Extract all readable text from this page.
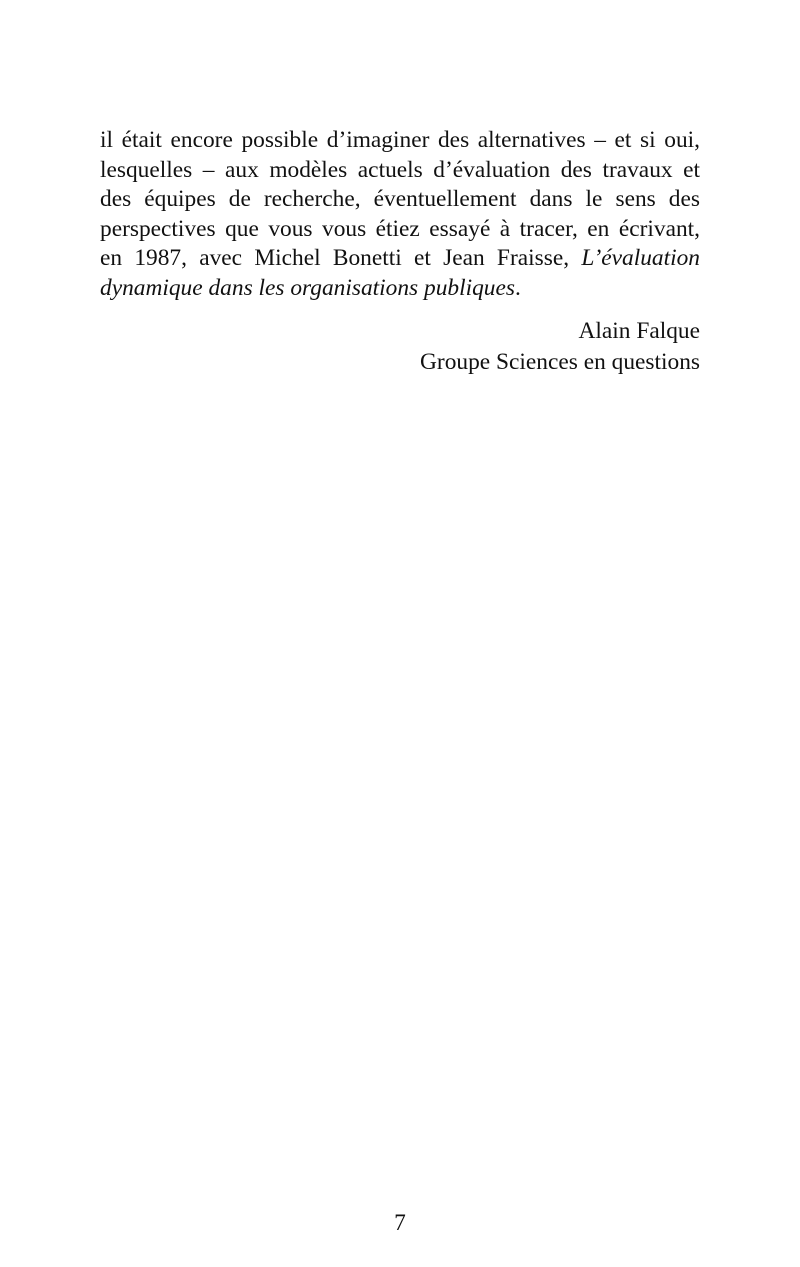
il était encore possible d’imaginer des alternatives – et si oui,
lesquelles – aux modèles actuels d’évaluation des travaux et
des équipes de recherche, éventuellement dans le sens des
perspectives que vous vous étiez essayé à tracer, en écrivant,
en 1987, avec Michel Bonetti et Jean Fraisse, L’évaluation
dynamique dans les organisations publiques.
Alain Falque
Groupe Sciences en questions
7
